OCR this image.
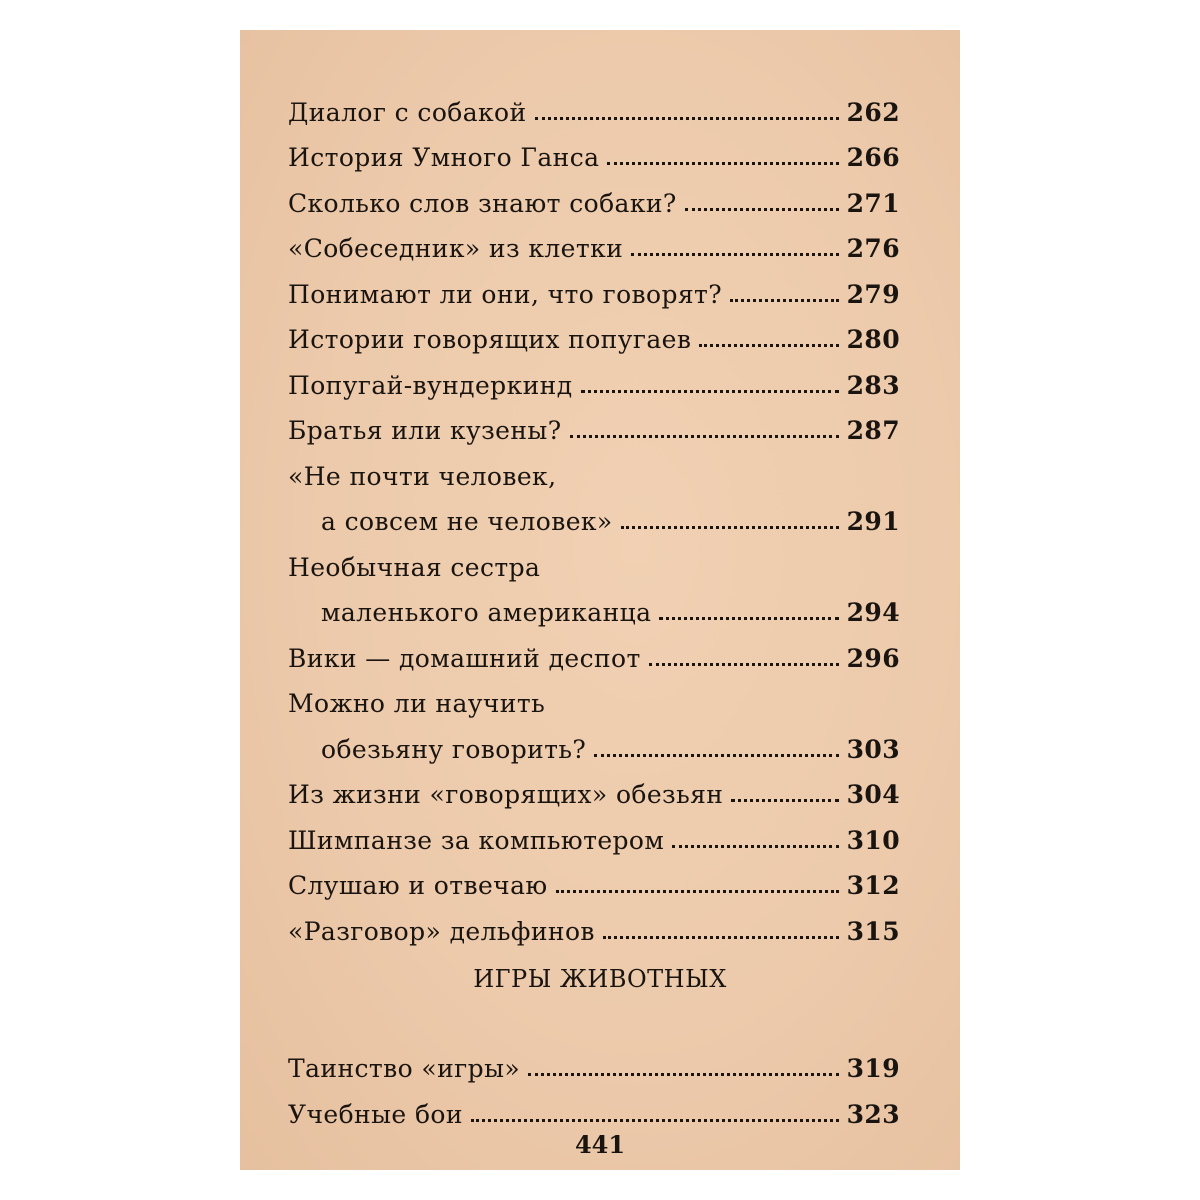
Диалог с собакой	262
История Умного Ганса	266
Сколько слов знают собаки?	271
«Собеседник» из клетки	276
Понимают ли они, что говорят?	279
Истории говорящих попугаев	280
Попугай-вундеркинд	283
Братья или кузены?	287
«Не почти человек,
а совсем не человек»	291
Необычная сестра
маленького американца	294
Вики — домашний деспот	296
Можно ли научить
обезьяну говорить?	303
Из жизни «говорящих» обезьян	304
Шимпанзе за компьютером	310
Слушаю и отвечаю	312
«Разговор» дельфинов	315
Таинство «игры»	319
Учебные бои	323
ИГРЫ ЖИВОТНЫХ
441
